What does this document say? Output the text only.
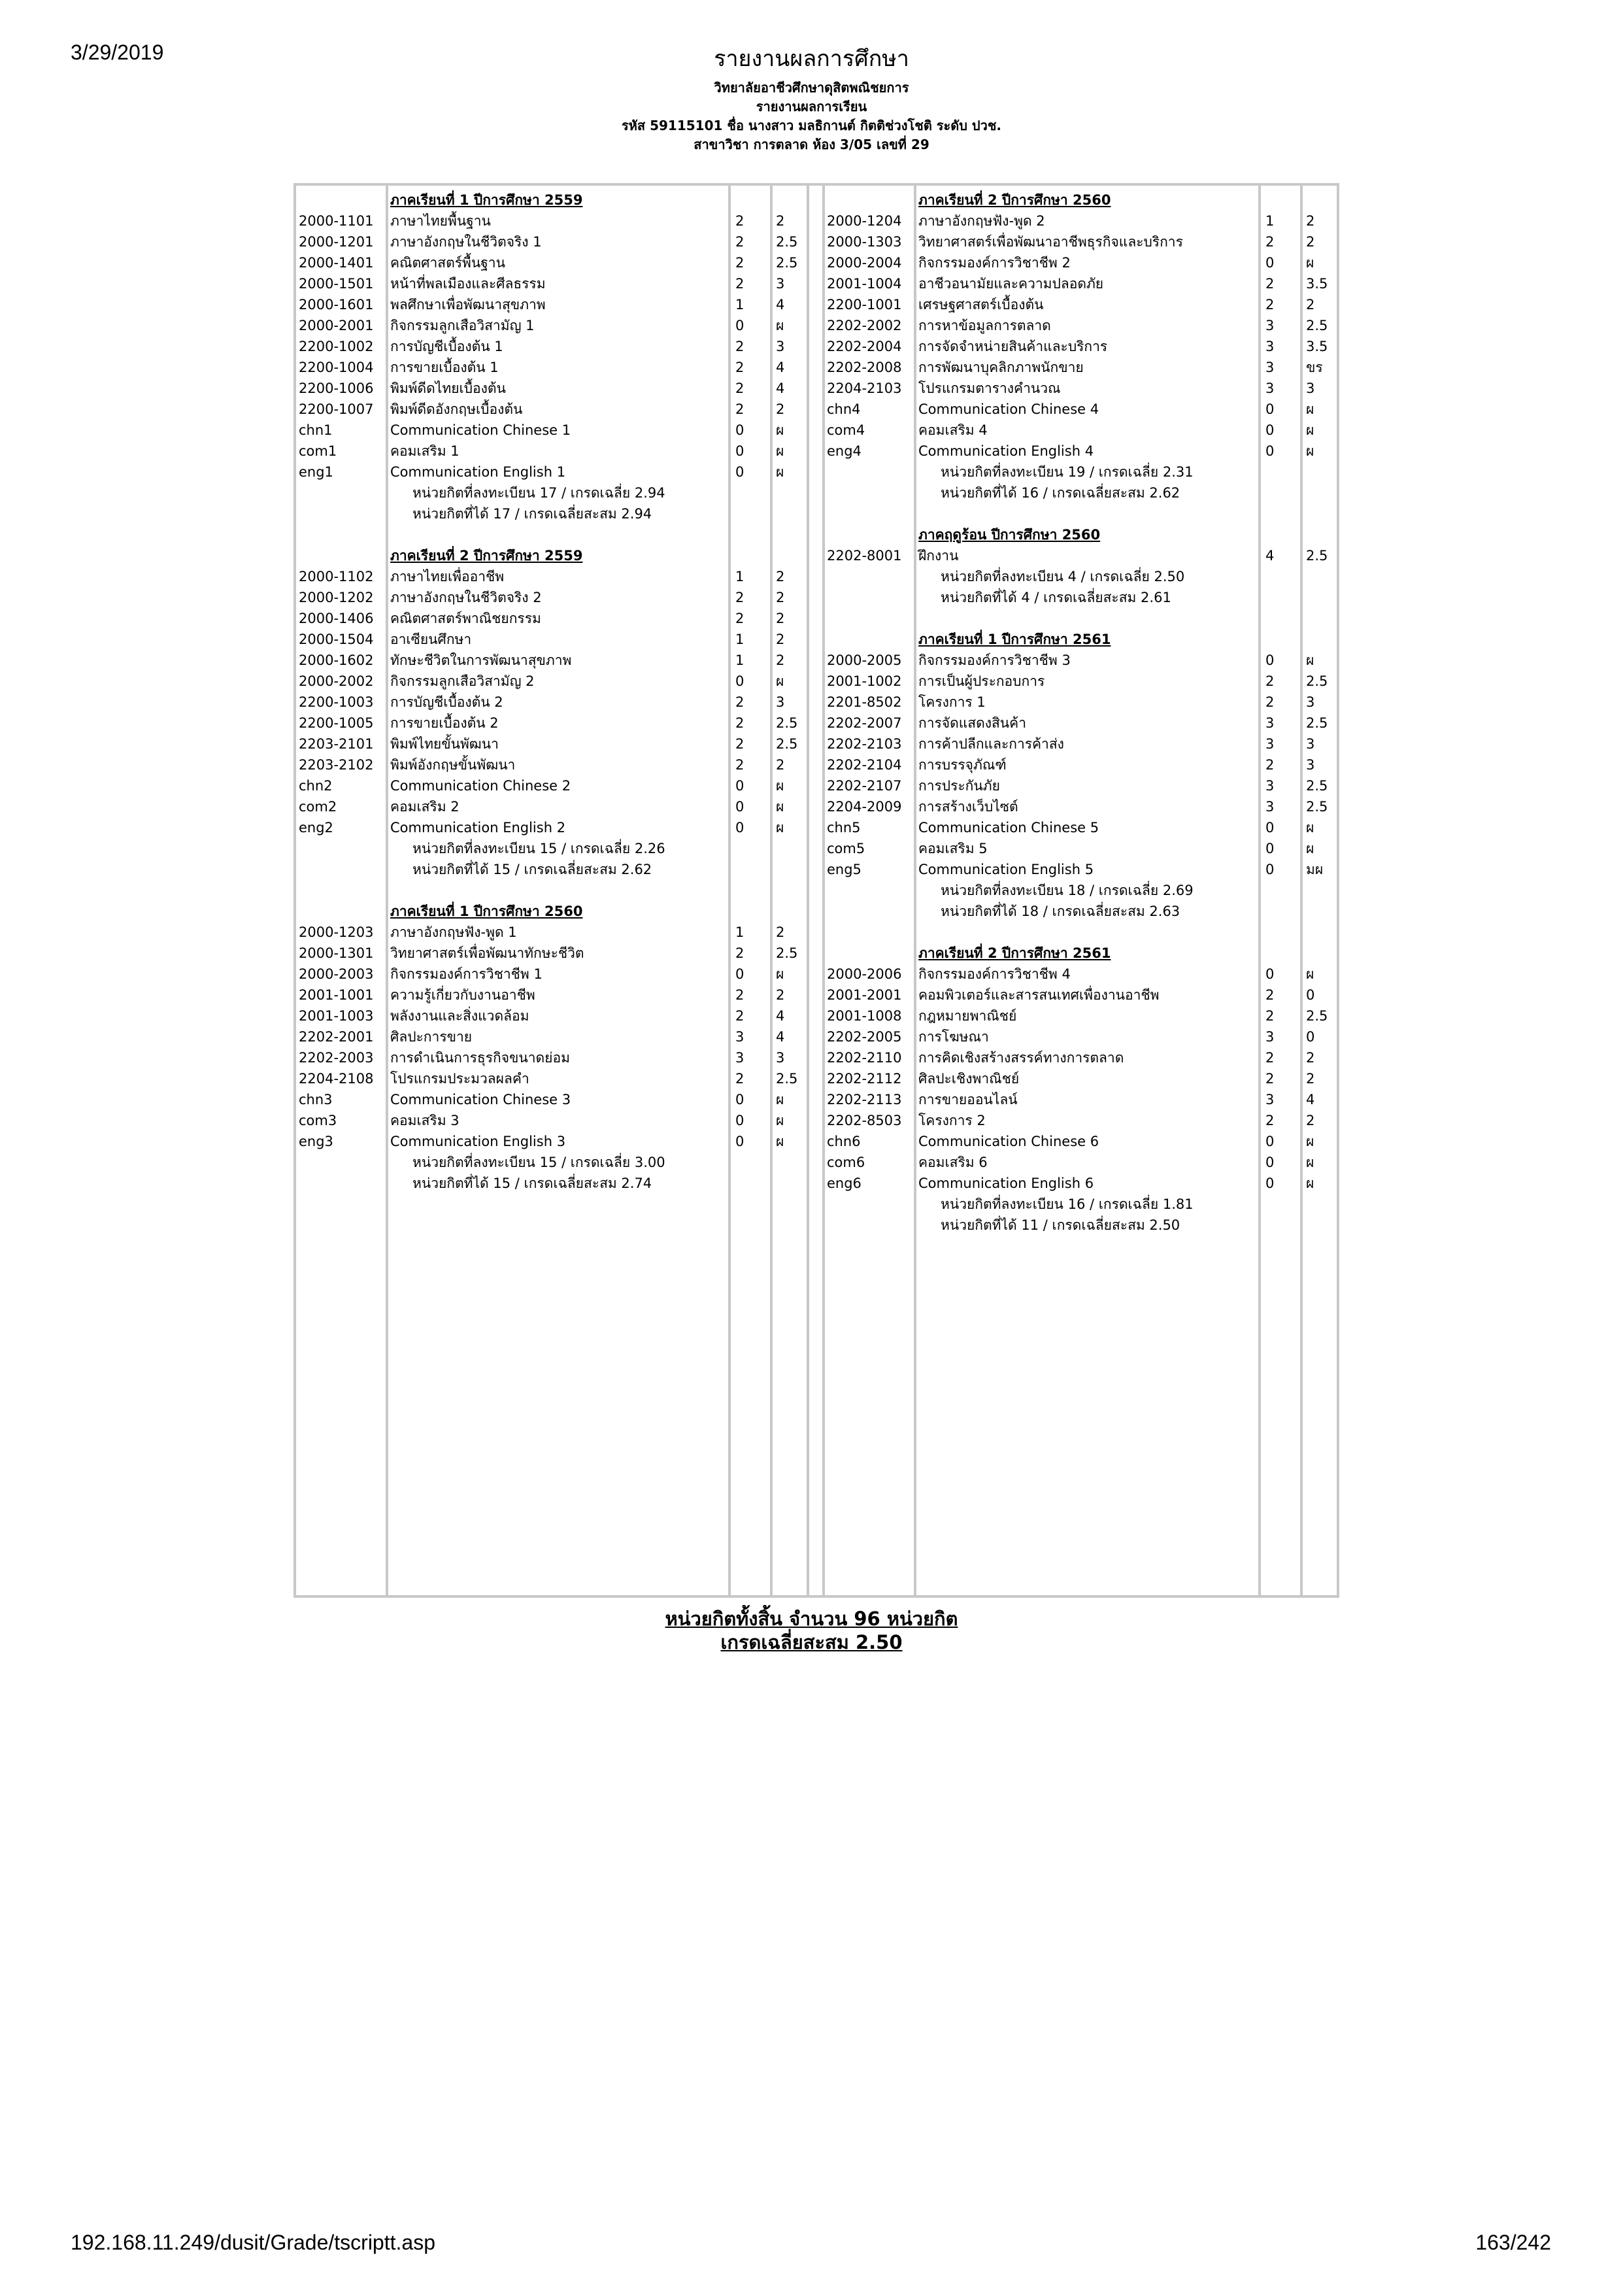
3/29/2019	รายงานผลการศึกษา
วิทยาลัยอาชีวศึกษาดุสิตพณิชยการ
รายงานผลการเรียน
รหัส 59115101 ชื่อ นางสาว มลธิกานต์ กิตติช่วงโชติ ระดับ ปวช.
สาขาวิชา การตลาด ห้อง 3/05 เลขที่ 29
ภาคเรียนที่ 1 ปีการศึกษา 2559
2000-1101 ภาษาไทยพื้นฐาน	2 2
2000-1201 ภาษาอังกฤษในชีวิตจริง 1	2 2.5
2000-1401 คณิตศาสตร์พื้นฐาน	2 2.5
2000-1501 หน้าที่พลเมืองและศีลธรรม	2 3
2000-1601 พลศึกษาเพื่อพัฒนาสุขภาพ	1 4
2000-2001 กิจกรรมลูกเสือวิสามัญ 1	0 ผ
2200-1002 การบัญชีเบื้องต้น 1	2 3
2200-1004 การขายเบื้องต้น 1	2 4
2200-1006 พิมพ์ดีดไทยเบื้องต้น	2 4
2200-1007 พิมพ์ดีดอังกฤษเบื้องต้น	2 2
chn1	Communication Chinese 1	0 ผ
com1	คอมเสริม 1	0 ผ
eng1	Communication English 1	0 ผ
หน่วยกิตที่ลงทะเบียน 17 / เกรดเฉลี่ย 2.94
หน่วยกิตที่ได้ 17 / เกรดเฉลี่ยสะสม 2.94
ภาคเรียนที่ 2 ปีการศึกษา 2559
2000-1102 ภาษาไทยเพื่ออาชีพ	1 2
2000-1202 ภาษาอังกฤษในชีวิตจริง 2	2 2
2000-1406 คณิตศาสตร์พาณิชยกรรม	2 2
2000-1504 อาเซียนศึกษา	1 2
2000-1602 ทักษะชีวิตในการพัฒนาสุขภาพ	1 2
2000-2002 กิจกรรมลูกเสือวิสามัญ 2	0 ผ
2200-1003 การบัญชีเบื้องต้น 2	2 3
2200-1005 การขายเบื้องต้น 2	2 2.5
2203-2101 พิมพ์ไทยขั้นพัฒนา	2 2.5
2203-2102 พิมพ์อังกฤษขั้นพัฒนา	2 2
chn2	Communication Chinese 2	0 ผ
com2	คอมเสริม 2	0 ผ
eng2	Communication English 2	0 ผ
หน่วยกิตที่ลงทะเบียน 15 / เกรดเฉลี่ย 2.26
หน่วยกิตที่ได้ 15 / เกรดเฉลี่ยสะสม 2.62
ภาคเรียนที่ 1 ปีการศึกษา 2560
2000-1203 ภาษาอังกฤษฟัง-พูด 1	1 2
2000-1301 วิทยาศาสตร์เพื่อพัฒนาทักษะชีวิต	2 2.5
2000-2003 กิจกรรมองค์การวิชาชีพ 1	0 ผ
2001-1001 ความรู้เกี่ยวกับงานอาชีพ	2 2
2001-1003 พลังงานและสิ่งแวดล้อม	2 4
2202-2001 ศิลปะการขาย	3 4
2202-2003 การดำเนินการธุรกิจขนาดย่อม	3 3
2204-2108 โปรแกรมประมวลผลคำ	2 2.5
chn3	Communication Chinese 3	0 ผ
com3	คอมเสริม 3	0 ผ
eng3	Communication English 3	0 ผ
หน่วยกิตที่ลงทะเบียน 15 / เกรดเฉลี่ย 3.00
หน่วยกิตที่ได้ 15 / เกรดเฉลี่ยสะสม 2.74
ภาคเรียนที่ 2 ปีการศึกษา 2560
2000-1204 ภาษาอังกฤษฟัง-พูด 2	1 2
2000-1303 วิทยาศาสตร์เพื่อพัฒนาอาชีพธุรกิจและบริการ	2 2
2000-2004 กิจกรรมองค์การวิชาชีพ 2	0 ผ
2001-1004 อาชีวอนามัยและความปลอดภัย	2 3.5
2200-1001 เศรษฐศาสตร์เบื้องต้น	2 2
2202-2002 การหาข้อมูลการตลาด	3 2.5
2202-2004 การจัดจำหน่ายสินค้าและบริการ	3 3.5
2202-2008 การพัฒนาบุคลิกภาพนักขาย	3 ขร
2204-2103 โปรแกรมตารางคำนวณ	3 3
chn4	Communication Chinese 4	0 ผ
com4	คอมเสริม 4	0 ผ
eng4	Communication English 4	0 ผ
หน่วยกิตที่ลงทะเบียน 19 / เกรดเฉลี่ย 2.31
หน่วยกิตที่ได้ 16 / เกรดเฉลี่ยสะสม 2.62
ภาคฤดูร้อน ปีการศึกษา 2560
2202-8001 ฝึกงาน	4 2.5
หน่วยกิตที่ลงทะเบียน 4 / เกรดเฉลี่ย 2.50
หน่วยกิตที่ได้ 4 / เกรดเฉลี่ยสะสม 2.61
ภาคเรียนที่ 1 ปีการศึกษา 2561
2000-2005 กิจกรรมองค์การวิชาชีพ 3	0 ผ
2001-1002 การเป็นผู้ประกอบการ	2 2.5
2201-8502 โครงการ 1	2 3
2202-2007 การจัดแสดงสินค้า	3 2.5
2202-2103 การค้าปลีกและการค้าส่ง	3 3
2202-2104 การบรรจุภัณฑ์	2 3
2202-2107 การประกันภัย	3 2.5
2204-2009 การสร้างเว็บไซต์	3 2.5
chn5	Communication Chinese 5	0 ผ
com5	คอมเสริม 5	0 ผ
eng5	Communication English 5	0 มผ
หน่วยกิตที่ลงทะเบียน 18 / เกรดเฉลี่ย 2.69
หน่วยกิตที่ได้ 18 / เกรดเฉลี่ยสะสม 2.63
ภาคเรียนที่ 2 ปีการศึกษา 2561
2000-2006 กิจกรรมองค์การวิชาชีพ 4	0 ผ
2001-2001 คอมพิวเตอร์และสารสนเทศเพื่องานอาชีพ	2 0
2001-1008 กฎหมายพาณิชย์	2 2.5
2202-2005 การโฆษณา	3 0
2202-2110 การคิดเชิงสร้างสรรค์ทางการตลาด	2 2
2202-2112 ศิลปะเชิงพาณิชย์	2 2
2202-2113 การขายออนไลน์	3 4
2202-8503 โครงการ 2	2 2
chn6	Communication Chinese 6	0 ผ
com6	คอมเสริม 6	0 ผ
eng6	Communication English 6	0 ผ
หน่วยกิตที่ลงทะเบียน 16 / เกรดเฉลี่ย 1.81
หน่วยกิตที่ได้ 11 / เกรดเฉลี่ยสะสม 2.50
หน่วยกิตทั้งสิ้น จำนวน 96 หน่วยกิต
เกรดเฉลี่ยสะสม 2.50
192.168.11.249/dusit/Grade/tscriptt.asp	163/242
